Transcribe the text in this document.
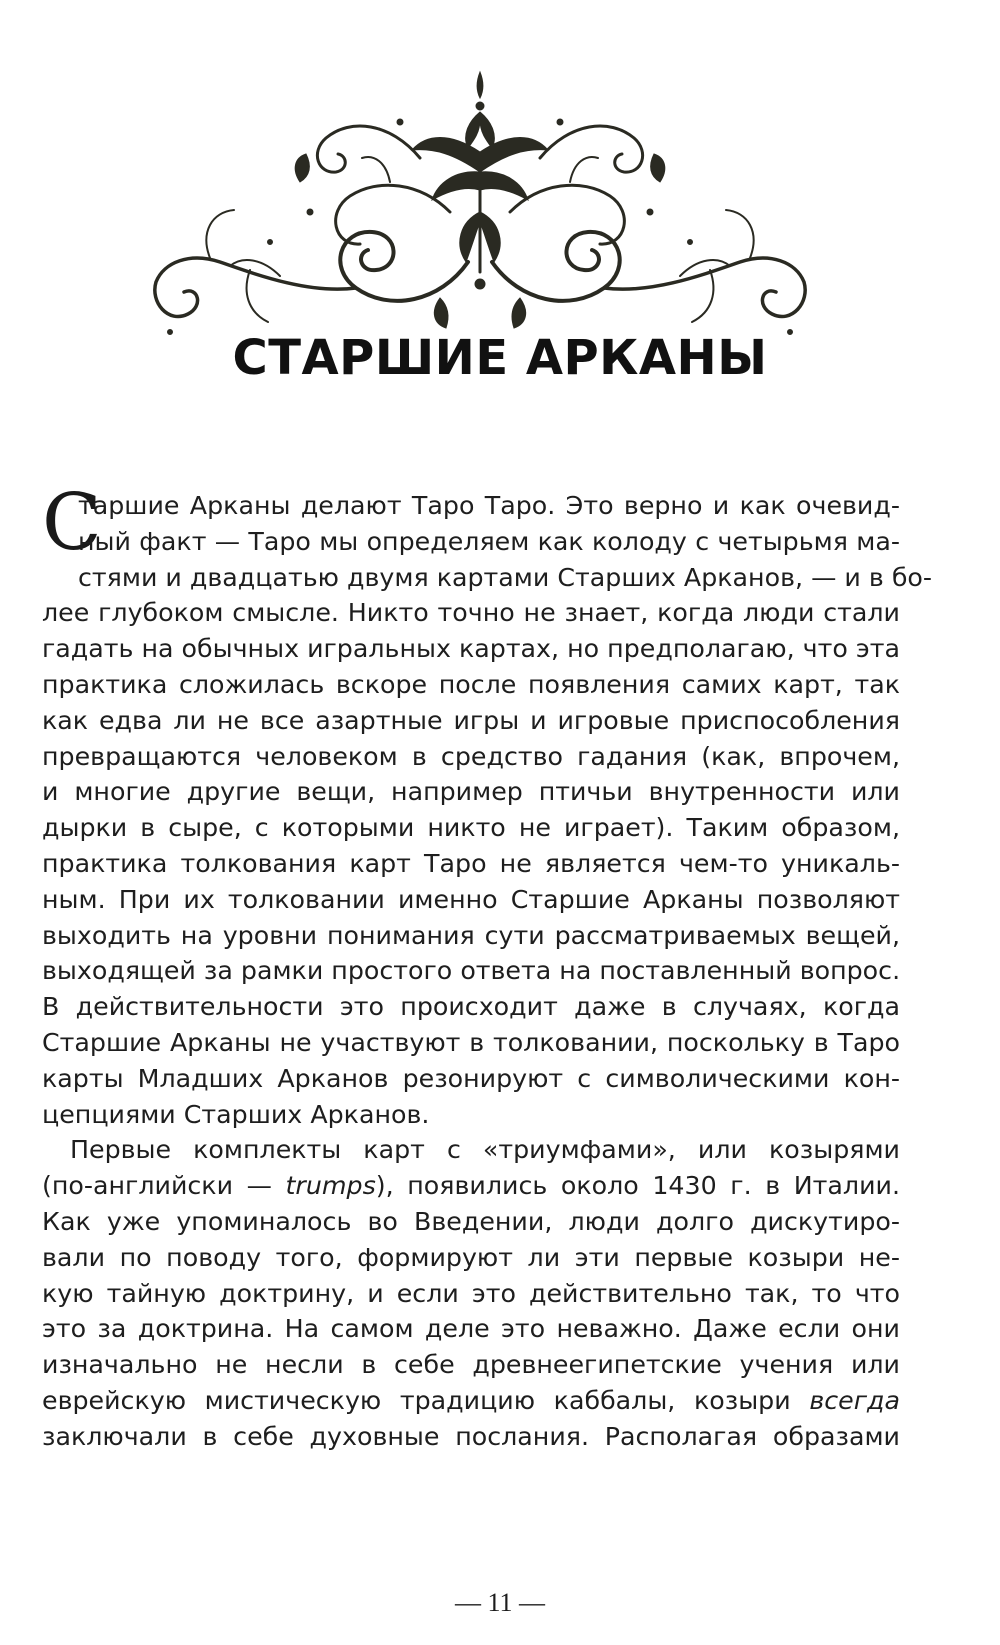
СТАРШИЕ АРКАНЫ
С
таршие Арканы делают Таро Таро. Это верно и как очевид-
ный факт — Таро мы определяем как колоду с четырьмя ма-
стями и двадцатью двумя картами Старших Арканов, — и в бо-
лее глубоком смысле. Никто точно не знает, когда люди стали
гадать на обычных игральных картах, но предполагаю, что эта
практика сложилась вскоре после появления самих карт, так
как едва ли не все азартные игры и игровые приспособления
превращаются человеком в средство гадания (как, впрочем,
и многие другие вещи, например птичьи внутренности или
дырки в сыре, с которыми никто не играет). Таким образом,
практика толкования карт Таро не является чем-то уникаль-
ным. При их толковании именно Старшие Арканы позволяют
выходить на уровни понимания сути рассматриваемых вещей,
выходящей за рамки простого ответа на поставленный вопрос.
В действительности это происходит даже в случаях, когда
Старшие Арканы не участвуют в толковании, поскольку в Таро
карты Младших Арканов резонируют с символическими кон-
цепциями Старших Арканов.
Первые комплекты карт с «триумфами», или козырями
(по-английски — trumps), появились около 1430 г. в Италии.
Как уже упоминалось во Введении, люди долго дискутиро-
вали по поводу того, формируют ли эти первые козыри не-
кую тайную доктрину, и если это действительно так, то что
это за доктрина. На самом деле это неважно. Даже если они
изначально не несли в себе древнеегипетские учения или
еврейскую мистическую традицию каббалы, козыри всегда
заключали в себе духовные послания. Располагая образами
— 11 —
